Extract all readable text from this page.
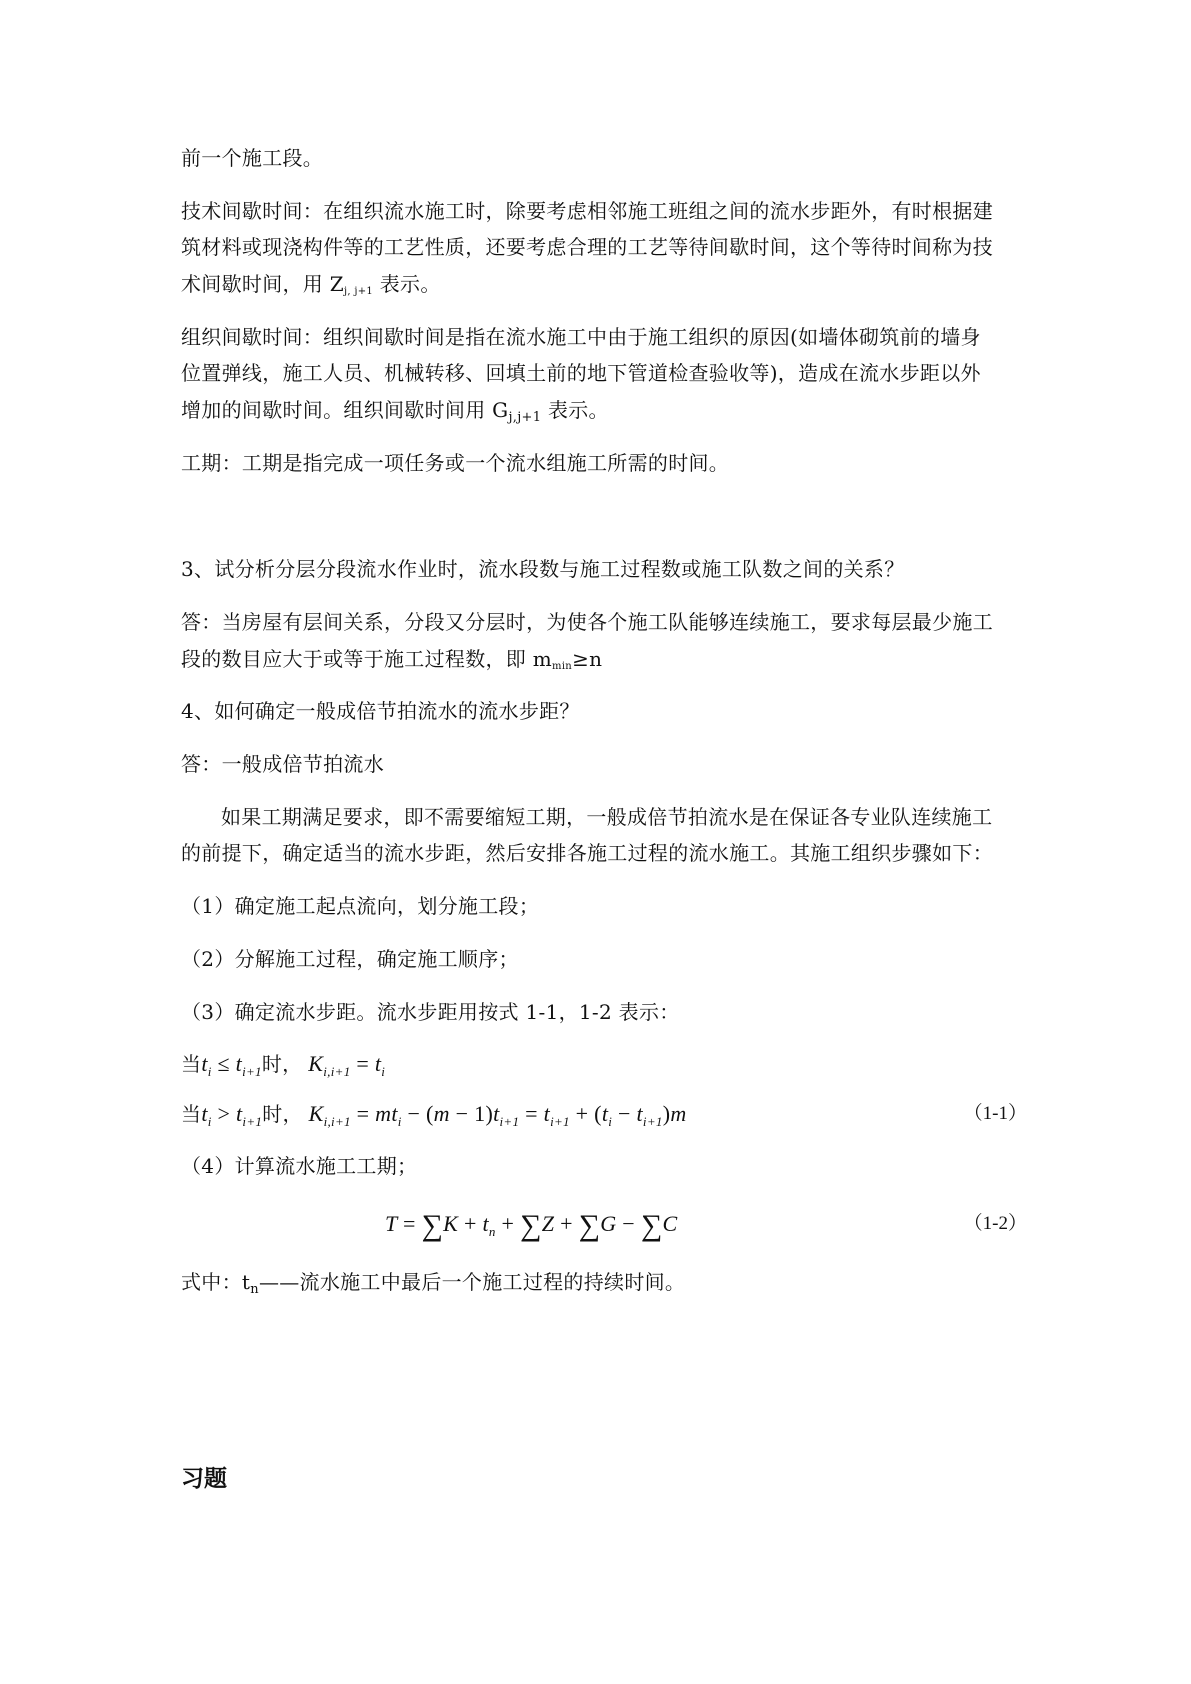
前一个施工段。
技术间歇时间：在组织流水施工时，除要考虑相邻施工班组之间的流水步距外，有时根据建
筑材料或现浇构件等的工艺性质，还要考虑合理的工艺等待间歇时间，这个等待时间称为技
术间歇时间，用 $Z_{j, j+1}$ 表示。
组织间歇时间：组织间歇时间是指在流水施工中由于施工组织的原因(如墙体砌筑前的墙身
位置弹线，施工人员、机械转移、回填土前的地下管道检查验收等)，造成在流水步距以外
增加的间歇时间。组织间歇时间用 $G_{j,j+1}$ 表示。
工期：工期是指完成一项任务或一个流水组施工所需的时间。
3、试分析分层分段流水作业时，流水段数与施工过程数或施工队数之间的关系？
答：当房屋有层间关系，分段又分层时，为使各个施工队能够连续施工，要求每层最少施工
段的数目应大于或等于施工过程数，即 $m_{min}\ge n$
4、如何确定一般成倍节拍流水的流水步距？
答：一般成倍节拍流水
如果工期满足要求，即不需要缩短工期，一般成倍节拍流水是在保证各专业队连续施工
的前提下，确定适当的流水步距，然后安排各施工过程的流水施工。其施工组织步骤如下：
（1）确定施工起点流向，划分施工段；
（2）分解施工过程，确定施工顺序；
（3）确定流水步距。流水步距用按式 1-1，1-2 表示：
当$t_i \le t_{i+1}$时， $K_{i,i+1} = t_i$
当$t_i > t_{i+1}$时， $K_{i,i+1} = mt_i - (m - 1)t_{i+1} = t_{i+1} + (t_i - t_{i+1})m$	（1-1）
（4）计算流水施工工期；
$T = \sum K + t_n + \sum Z + \sum G - \sum C$	（1-2）
式中：$t_n——$流水施工中最后一个施工过程的持续时间。
习题
